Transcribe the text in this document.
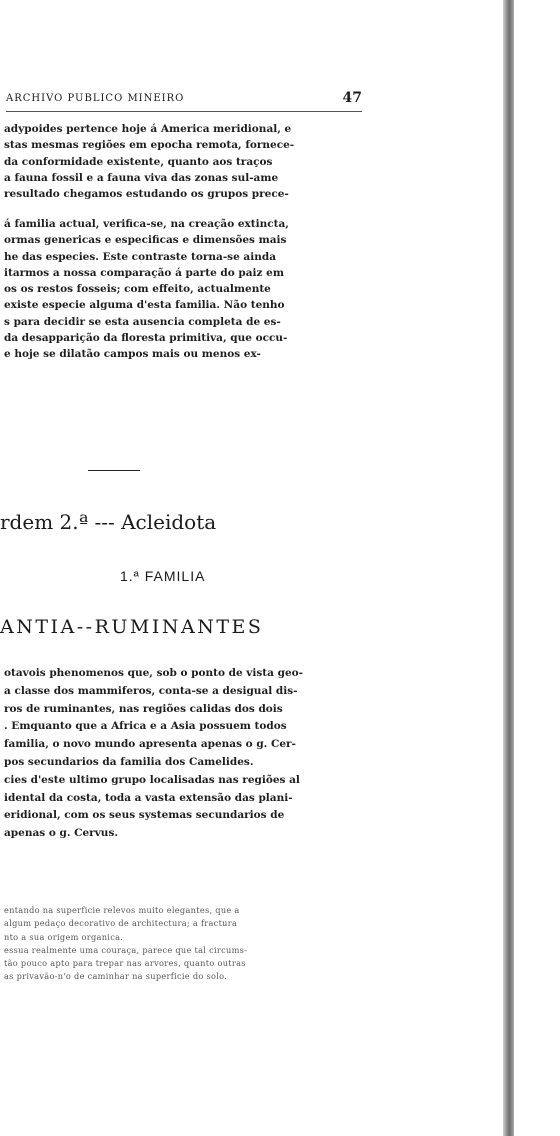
ARCHIVO PUBLICO MINEIRO	47
adypoides pertence hoje á America meridional, e
stas mesmas regiões em epocha remota, fornece-
da conformidade existente, quanto aos traços
a fauna fossil e a fauna viva das zonas sul-ame
resultado chegamos estudando os grupos prece-
á familia actual, verifica-se, na creação extincta,
ormas genericas e especificas e dimensões mais
he das especies. Este contraste torna-se ainda
itarmos a nossa comparação á parte do paiz em
os os restos fosseis; com effeito, actualmente
existe especie alguma d'esta familia. Não tenho
s para decidir se esta ausencia completa de es-
da desapparição da floresta primitiva, que occu-
e hoje se dilatão campos mais ou menos ex-
rdem 2.ª --- Acleidota
1.ª FAMILIA
ANTIA--RUMINANTES
otavois phenomenos que, sob o ponto de vista geo-
a classe dos mammiferos, conta-se a desigual dis-
ros de ruminantes, nas regiões calidas dos dois
. Emquanto que a Africa e a Asia possuem todos
familia, o novo mundo apresenta apenas o g. Cer-
pos secundarios da familia dos Camelides.
cies d'este ultimo grupo localisadas nas regiões al
idental da costa, toda a vasta extensão das plani-
eridional, com os seus systemas secundarios de
apenas o g. Cervus.
entando na superficie relevos muito elegantes, que a
algum pedaço decorativo de architectura; a fractura
nto a sua origem organica.
essua realmente uma couraça, parece que tal circums-
tão pouco apto para trepar nas arvores, quanto outras
as privavão-n'o de caminhar na superficie do solo.
